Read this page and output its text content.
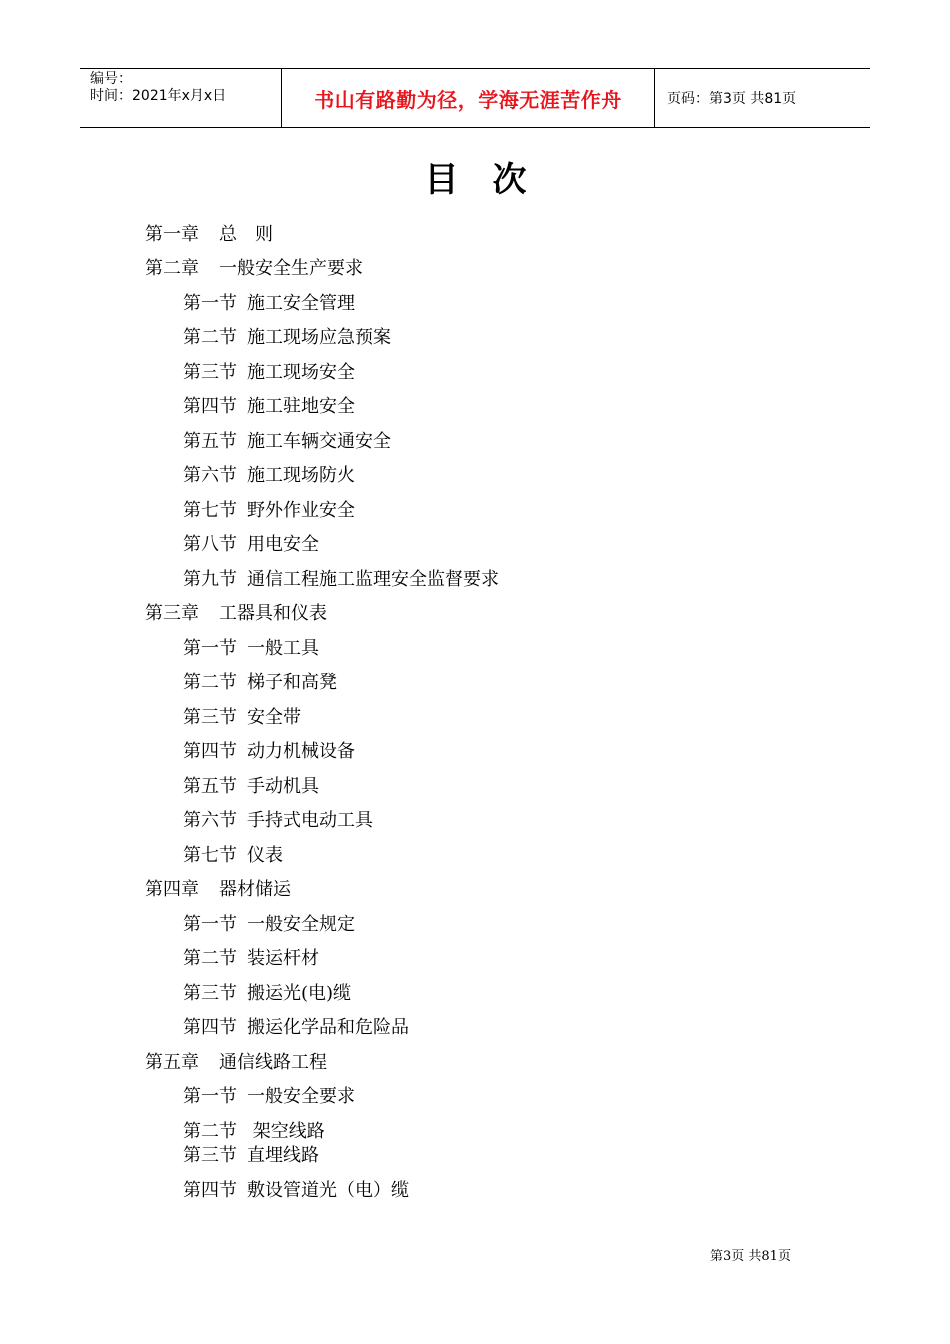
编号：
时间：2021年x月x日	书山有路勤为径，学海无涯苦作舟	页码：第3页 共81页
目次
第一章 总　则
第二章 一般安全生产要求
第一节 施工安全管理
第二节 施工现场应急预案
第三节 施工现场安全
第四节 施工驻地安全
第五节 施工车辆交通安全
第六节 施工现场防火
第七节 野外作业安全
第八节 用电安全
第九节 通信工程施工监理安全监督要求
第三章 工器具和仪表
第一节 一般工具
第二节 梯子和高凳
第三节 安全带
第四节 动力机械设备
第五节 手动机具
第六节 手持式电动工具
第七节 仪表
第四章 器材储运
第一节 一般安全规定
第二节 装运杆材
第三节 搬运光(电)缆
第四节 搬运化学品和危险品
第五章 通信线路工程
第一节 一般安全要求
第二节 架空线路
第三节 直埋线路
第四节 敷设管道光（电）缆
第3页 共81页
